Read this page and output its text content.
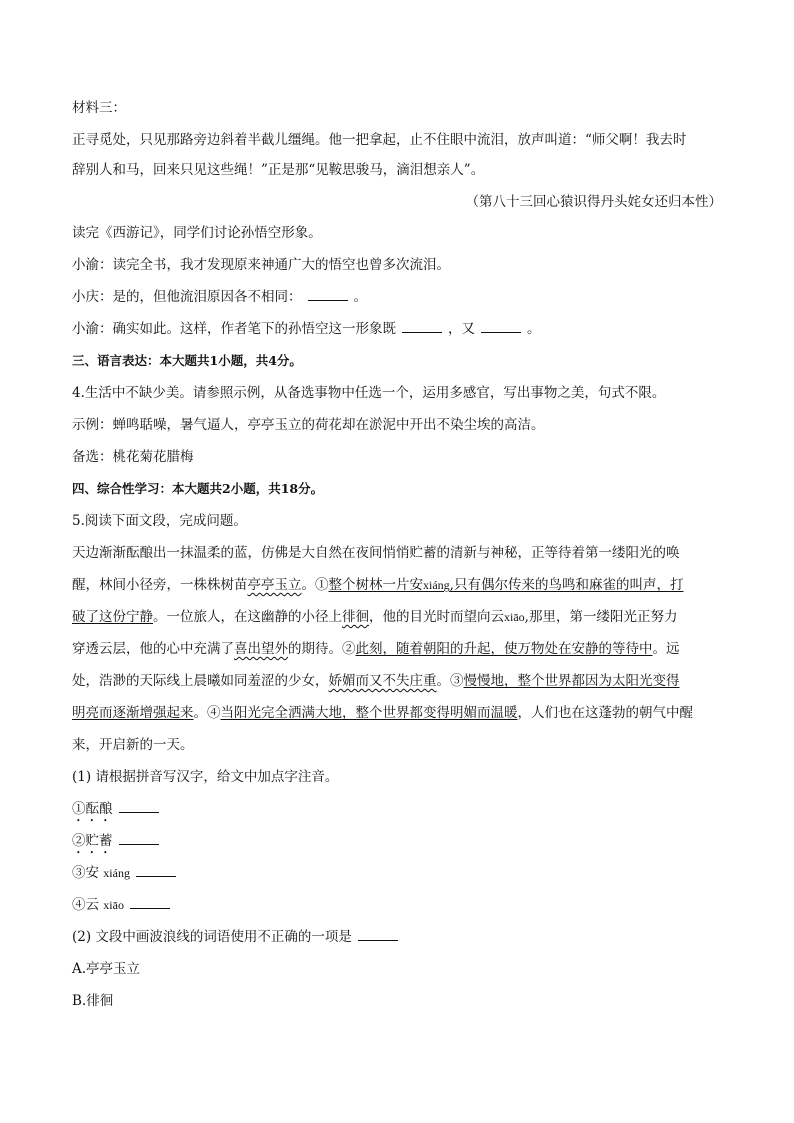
材料三：
正寻觅处，只见那路旁边斜着半截儿缰绳。他一把拿起，止不住眼中流泪，放声叫道：“师父啊！我去时
辞别人和马，回来只见这些绳！”正是那“见鞍思骏马，滴泪想亲人”。
（第八十三回心猿识得丹头姹女还归本性）
读完《西游记》，同学们讨论孙悟空形象。
小渝：读完全书，我才发现原来神通广大的悟空也曾多次流泪。
小庆：是的，但他流泪原因各不相同：	。
小渝：确实如此。这样，作者笔下的孙悟空这一形象既	，又	。
三、语言表达：本大题共1小题，共4分。
4.生活中不缺少美。请参照示例，从备选事物中任选一个，运用多感官，写出事物之美，句式不限。
示例：蝉鸣聒噪，暑气逼人，亭亭玉立的荷花却在淤泥中开出不染尘埃的高洁。
备选：桃花菊花腊梅
四、综合性学习：本大题共2小题，共18分。
5.阅读下面文段，完成问题。
天边渐渐酝酿出一抹温柔的蓝，仿佛是大自然在夜间悄悄贮蓄的清新与神秘，正等待着第一缕阳光的唤
醒，林间小径旁，一株株树苗亭亭玉立。①整个树林一片安xiáng,只有偶尔传来的鸟鸣和麻雀的叫声，打
破了这份宁静。一位旅人，在这幽静的小径上徘徊，他的目光时而望向云xiāo,那里，第一缕阳光正努力
穿透云层，他的心中充满了喜出望外的期待。②此刻，随着朝阳的升起，使万物处在安静的等待中。远
处，浩渺的天际线上晨曦如同羞涩的少女，娇媚而又不失庄重。③慢慢地，整个世界都因为太阳光变得
明亮而逐渐增强起来。④当阳光完全洒满大地，整个世界都变得明媚而温暖，人们也在这蓬勃的朝气中醒
来，开启新的一天。
(1) 请根据拼音写汉字，给文中加点字注音。
①酝酿
②贮蓄
③安 xiáng
④云 xiāo
(2) 文段中画波浪线的词语使用不正确的一项是
A.亭亭玉立
B.徘徊
